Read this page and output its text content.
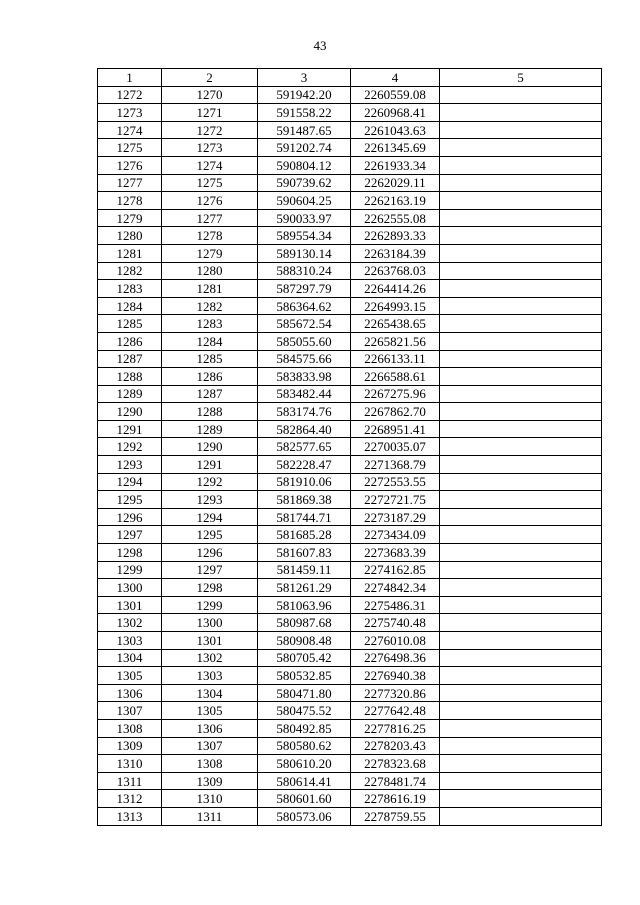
43
1	2	3	4	5
1272	1270	591942.20	2260559.08	
1273	1271	591558.22	2260968.41	
1274	1272	591487.65	2261043.63	
1275	1273	591202.74	2261345.69	
1276	1274	590804.12	2261933.34	
1277	1275	590739.62	2262029.11	
1278	1276	590604.25	2262163.19	
1279	1277	590033.97	2262555.08	
1280	1278	589554.34	2262893.33	
1281	1279	589130.14	2263184.39	
1282	1280	588310.24	2263768.03	
1283	1281	587297.79	2264414.26	
1284	1282	586364.62	2264993.15	
1285	1283	585672.54	2265438.65	
1286	1284	585055.60	2265821.56	
1287	1285	584575.66	2266133.11	
1288	1286	583833.98	2266588.61	
1289	1287	583482.44	2267275.96	
1290	1288	583174.76	2267862.70	
1291	1289	582864.40	2268951.41	
1292	1290	582577.65	2270035.07	
1293	1291	582228.47	2271368.79	
1294	1292	581910.06	2272553.55	
1295	1293	581869.38	2272721.75	
1296	1294	581744.71	2273187.29	
1297	1295	581685.28	2273434.09	
1298	1296	581607.83	2273683.39	
1299	1297	581459.11	2274162.85	
1300	1298	581261.29	2274842.34	
1301	1299	581063.96	2275486.31	
1302	1300	580987.68	2275740.48	
1303	1301	580908.48	2276010.08	
1304	1302	580705.42	2276498.36	
1305	1303	580532.85	2276940.38	
1306	1304	580471.80	2277320.86	
1307	1305	580475.52	2277642.48	
1308	1306	580492.85	2277816.25	
1309	1307	580580.62	2278203.43	
1310	1308	580610.20	2278323.68	
1311	1309	580614.41	2278481.74	
1312	1310	580601.60	2278616.19	
1313	1311	580573.06	2278759.55	
